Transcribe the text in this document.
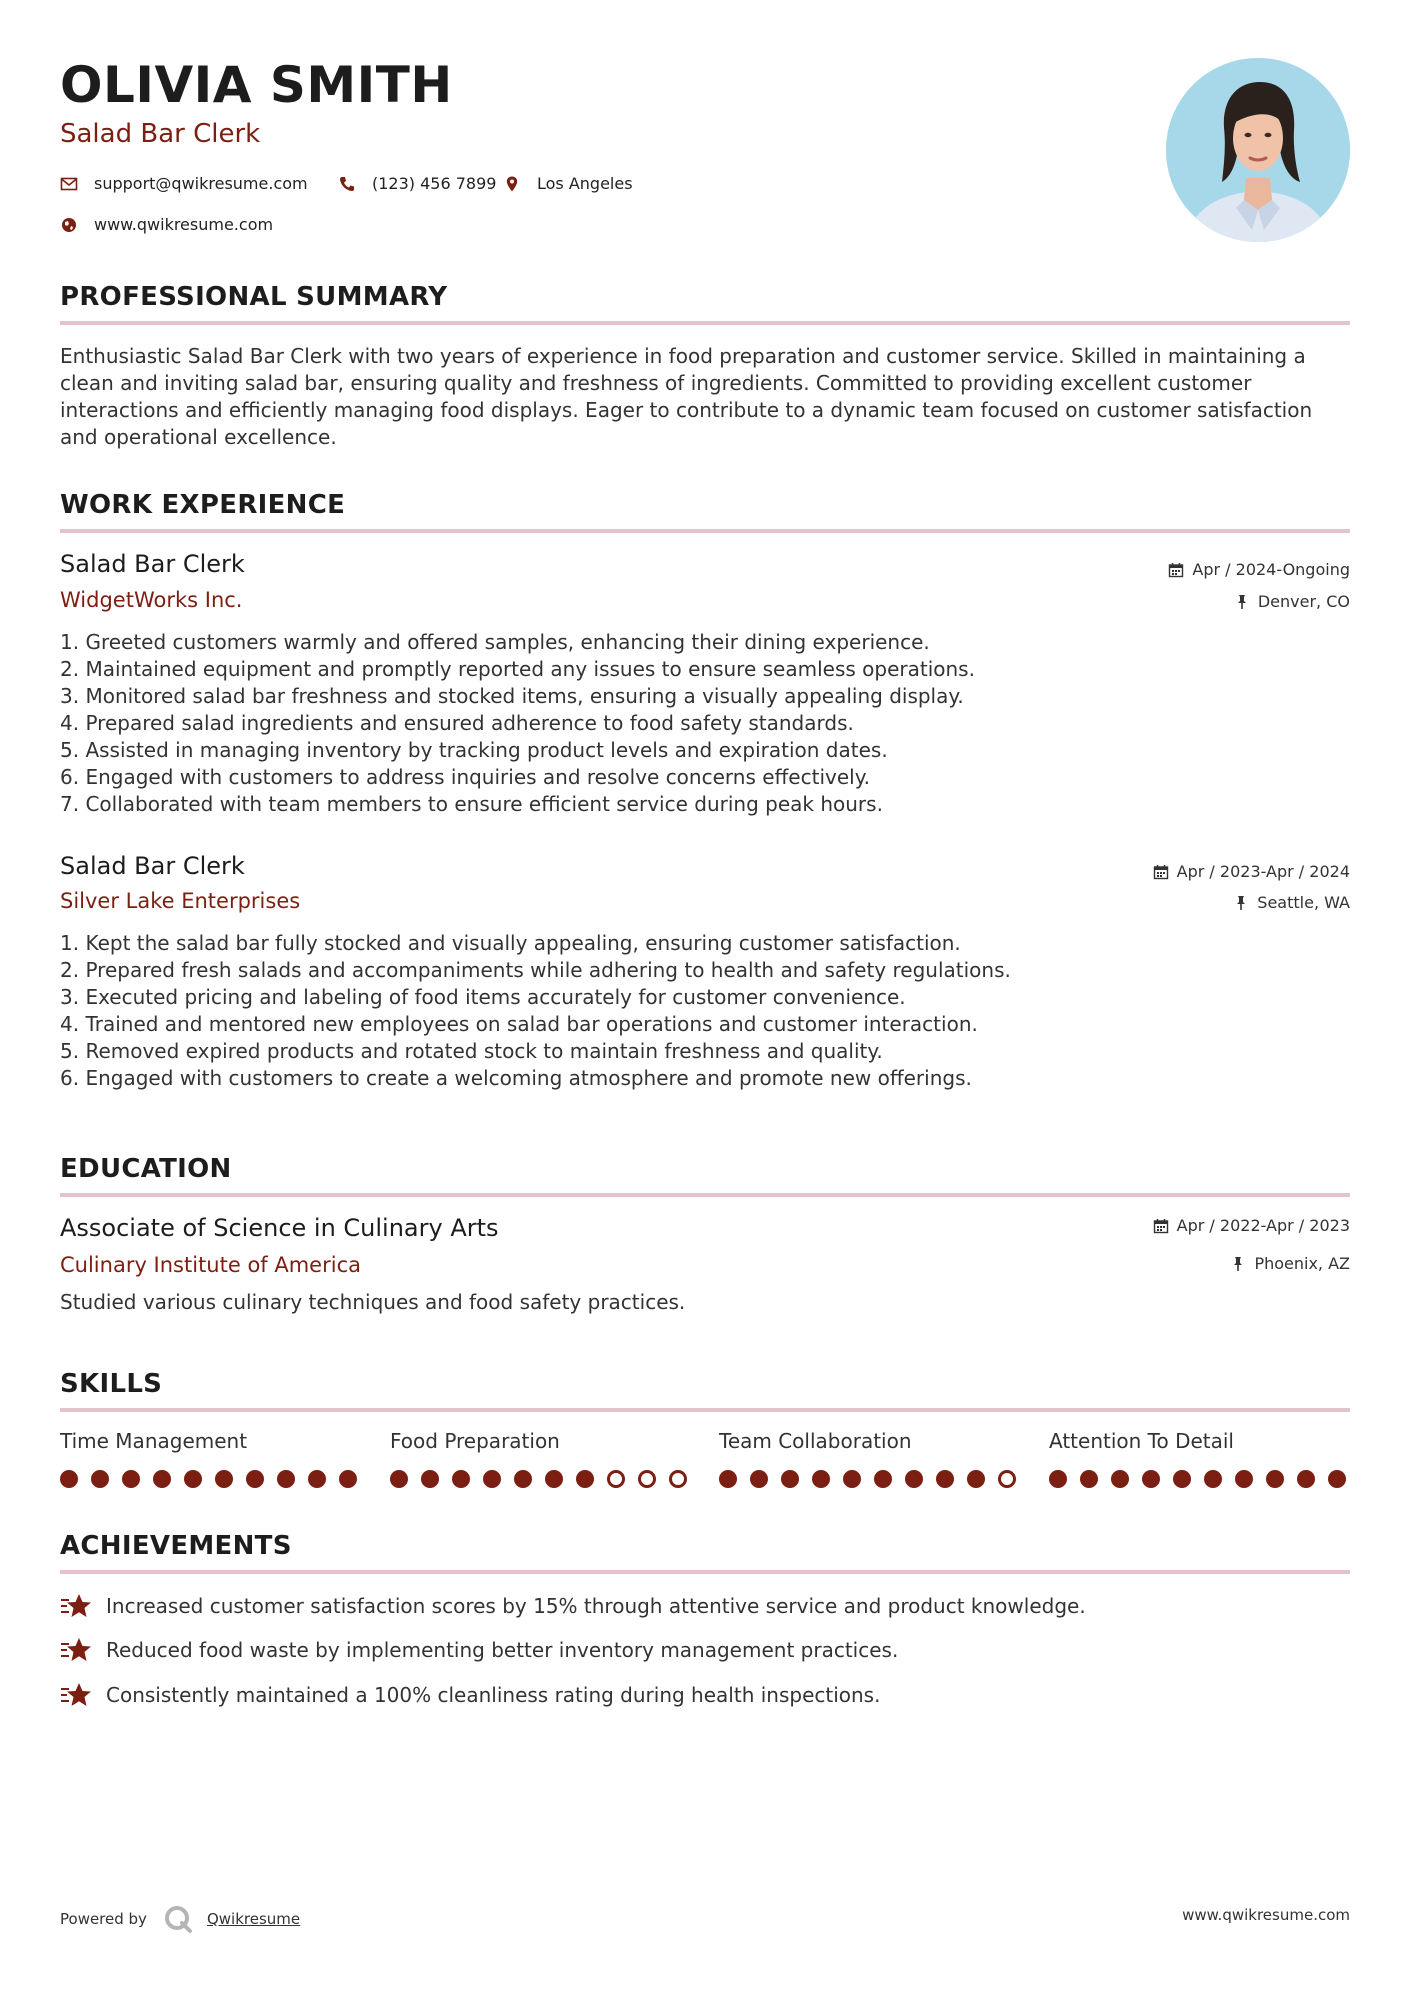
OLIVIA SMITH
Salad Bar Clerk
support@qwikresume.com	(123) 456 7899	Los Angeles
www.qwikresume.com
PROFESSIONAL SUMMARY
Enthusiastic Salad Bar Clerk with two years of experience in food preparation and customer service. Skilled in maintaining a clean and inviting salad bar, ensuring quality and freshness of ingredients. Committed to providing excellent customer interactions and efficiently managing food displays. Eager to contribute to a dynamic team focused on customer satisfaction and operational excellence.
WORK EXPERIENCE
Salad Bar Clerk
WidgetWorks Inc.
Apr / 2024-Ongoing
Denver, CO
1. Greeted customers warmly and offered samples, enhancing their dining experience.
2. Maintained equipment and promptly reported any issues to ensure seamless operations.
3. Monitored salad bar freshness and stocked items, ensuring a visually appealing display.
4. Prepared salad ingredients and ensured adherence to food safety standards.
5. Assisted in managing inventory by tracking product levels and expiration dates.
6. Engaged with customers to address inquiries and resolve concerns effectively.
7. Collaborated with team members to ensure efficient service during peak hours.
Salad Bar Clerk
Silver Lake Enterprises
Apr / 2023-Apr / 2024
Seattle, WA
1. Kept the salad bar fully stocked and visually appealing, ensuring customer satisfaction.
2. Prepared fresh salads and accompaniments while adhering to health and safety regulations.
3. Executed pricing and labeling of food items accurately for customer convenience.
4. Trained and mentored new employees on salad bar operations and customer interaction.
5. Removed expired products and rotated stock to maintain freshness and quality.
6. Engaged with customers to create a welcoming atmosphere and promote new offerings.
EDUCATION
Associate of Science in Culinary Arts
Culinary Institute of America
Apr / 2022-Apr / 2023
Phoenix, AZ
Studied various culinary techniques and food safety practices.
SKILLS
Time Management	Food Preparation	Team Collaboration	Attention To Detail
ACHIEVEMENTS
Increased customer satisfaction scores by 15% through attentive service and product knowledge.
Reduced food waste by implementing better inventory management practices.
Consistently maintained a 100% cleanliness rating during health inspections.
Powered by	Qwikresume	www.qwikresume.com
